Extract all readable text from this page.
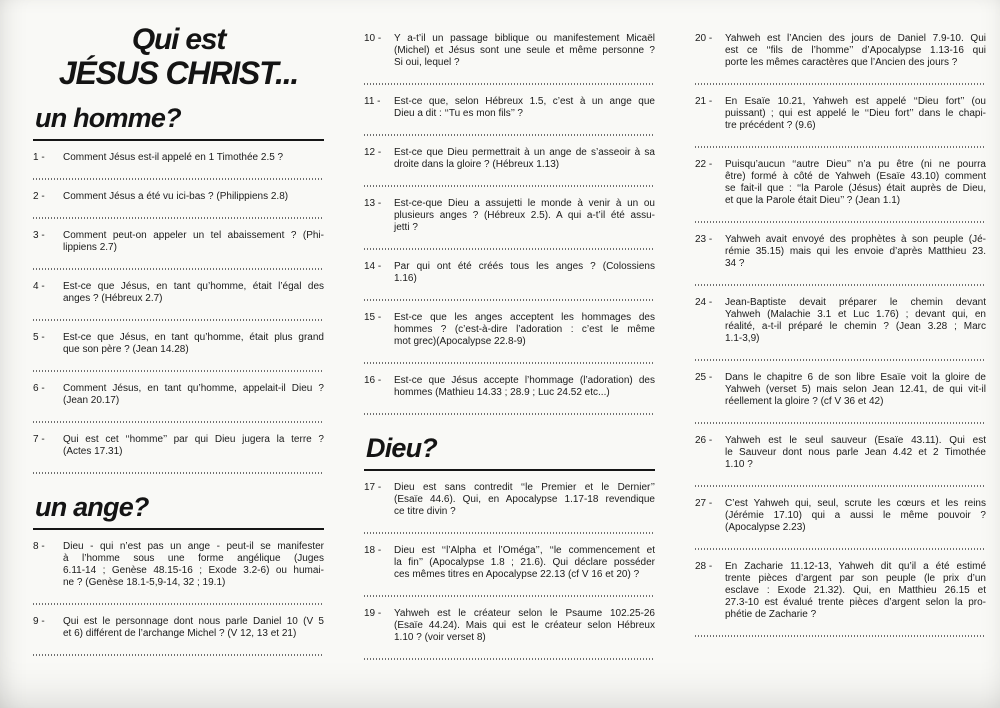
Qui est
JÉSUS CHRIST...
un homme?
1 -	Comment Jésus est-il appelé en 1 Timothée 2.5 ?
2 -	Comment Jésus a été vu ici-bas ? (Philippiens 2.8)
3 -	Comment peut-on appeler un tel abaissement ? (Phi-
lippiens 2.7)
4 -	Est-ce que Jésus, en tant qu’homme, était l’égal des
anges ? (Hébreux 2.7)
5 -	Est-ce que Jésus, en tant qu’homme, était plus grand
que son père ? (Jean 14.28)
6 -	Comment Jésus, en tant qu’homme, appelait-il Dieu ?
(Jean 20.17)
7 -	Qui est cet ‘‘homme’’ par qui Dieu jugera la terre ?
(Actes 17.31)
un ange?
8 -	Dieu - qui n’est pas un ange - peut-il se manifester
à l’homme sous une forme angélique (Juges
6.11-14 ; Genèse 48.15-16 ; Exode 3.2-6) ou humai-
ne ? (Genèse 18.1-5,9-14, 32 ; 19.1)
9 -	Qui est le personnage dont nous parle Daniel 10 (V 5
et 6) différent de l’archange Michel ? (V 12, 13 et 21)
10 -	Y a-t’il un passage biblique ou manifestement Micaël
(Michel) et Jésus sont une seule et même personne ?
Si oui, lequel ?
11 -	Est-ce que, selon Hébreux 1.5, c’est à un ange que
Dieu a dit : ‘‘Tu es mon fils’’ ?
12 -	Est-ce que Dieu permettrait à un ange de s’asseoir à sa
droite dans la gloire ? (Hébreux 1.13)
13 -	Est-ce-que Dieu a assujetti le monde à venir à un ou
plusieurs anges ? (Hébreux 2.5). A qui a-t’il été assu-
jetti ?
14 -	Par qui ont été créés tous les anges ? (Colossiens
1.16)
15 -	Est-ce que les anges acceptent les hommages des
hommes ? (c’est-à-dire l’adoration : c’est le même
mot grec)(Apocalypse 22.8-9)
16 -	Est-ce que Jésus accepte l’hommage (l’adoration) des
hommes (Mathieu 14.33 ; 28.9 ; Luc 24.52 etc...)
Dieu?
17 -	Dieu est sans contredit ‘‘le Premier et le Dernier’’
(Esaïe 44.6). Qui, en Apocalypse 1.17-18 revendique
ce titre divin ?
18 -	Dieu est ‘‘l’Alpha et l’Oméga’’, ‘‘le commencement et
la fin’’ (Apocalypse 1.8 ; 21.6). Qui déclare posséder
ces mêmes titres en Apocalypse 22.13 (cf V 16 et 20) ?
19 -	Yahweh est le créateur selon le Psaume 102.25-26
(Esaïe 44.24). Mais qui est le créateur selon Hébreux
1.10 ? (voir verset 8)
20 -	Yahweh est l’Ancien des jours de Daniel 7.9-10. Qui
est ce ‘‘fils de l’homme’’ d’Apocalypse 1.13-16 qui
porte les mêmes caractères que l’Ancien des jours ?
21 -	En Esaïe 10.21, Yahweh est appelé ‘‘Dieu fort’’ (ou
puissant) ; qui est appelé le ‘‘Dieu fort’’ dans le chapi-
tre précédent ? (9.6)
22 -	Puisqu’aucun ‘‘autre Dieu’’ n’a pu être (ni ne pourra
être) formé à côté de Yahweh (Esaïe 43.10) comment
se fait-il que : ‘‘la Parole (Jésus) était auprès de Dieu,
et que la Parole était Dieu’’ ? (Jean 1.1)
23 -	Yahweh avait envoyé des prophètes à son peuple (Jé-
rémie 35.15) mais qui les envoie d’après Matthieu 23.
34 ?
24 -	Jean-Baptiste devait préparer le chemin devant
Yahweh (Malachie 3.1 et Luc 1.76) ; devant qui, en
réalité, a-t-il préparé le chemin ? (Jean 3.28 ; Marc
1.1-3,9)
25 -	Dans le chapitre 6 de son libre Esaïe voit la gloire de
Yahweh (verset 5) mais selon Jean 12.41, de qui vit-il
réellement la gloire ? (cf V 36 et 42)
26 -	Yahweh est le seul sauveur (Esaïe 43.11). Qui est
le Sauveur dont nous parle Jean 4.42 et 2 Timothée
1.10 ?
27 -	C’est Yahweh qui, seul, scrute les cœurs et les reins
(Jérémie 17.10) qui a aussi le même pouvoir ?
(Apocalypse 2.23)
28 -	En Zacharie 11.12-13, Yahweh dit qu’il a été estimé
trente pièces d’argent par son peuple (le prix d’un
esclave : Exode 21.32). Qui, en Matthieu 26.15 et
27.3-10 est évalué trente pièces d’argent selon la pro-
phétie de Zacharie ?
